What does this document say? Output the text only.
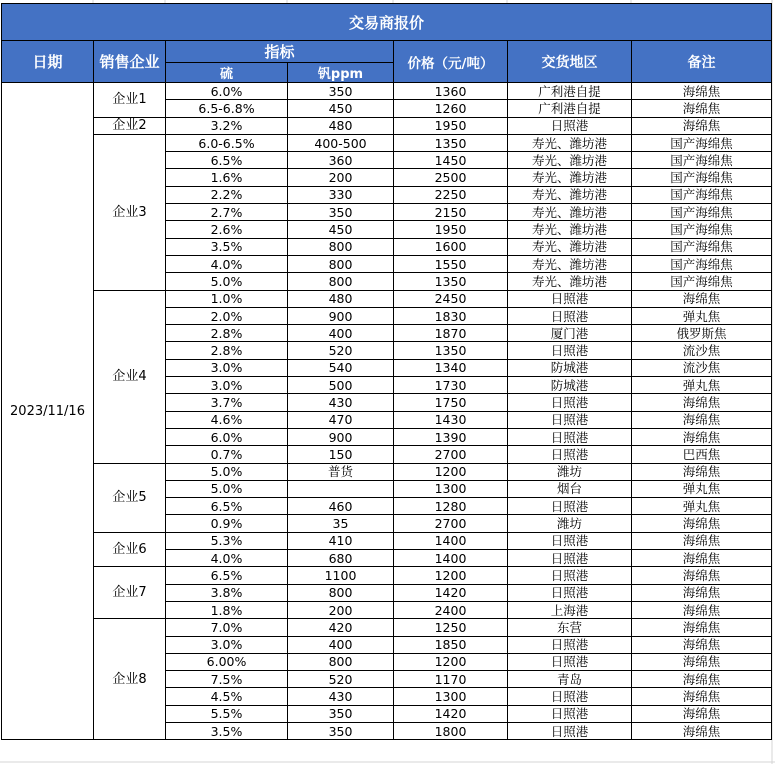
交易商报价						
日期	销售企业	指标		价格（元/吨）	交货地区	备注
		硫	钒ppm			
2023/11/16	企业1	6.0%	350	1360	广利港自提	海绵焦
		6.5-6.8%	450	1260	广利港自提	海绵焦
	企业2	3.2%	480	1950	日照港	海绵焦
	企业3	6.0-6.5%	400-500	1350	寿光、潍坊港	国产海绵焦
		6.5%	360	1450	寿光、潍坊港	国产海绵焦
		1.6%	200	2500	寿光、潍坊港	国产海绵焦
		2.2%	330	2250	寿光、潍坊港	国产海绵焦
		2.7%	350	2150	寿光、潍坊港	国产海绵焦
		2.6%	450	1950	寿光、潍坊港	国产海绵焦
		3.5%	800	1600	寿光、潍坊港	国产海绵焦
		4.0%	800	1550	寿光、潍坊港	国产海绵焦
		5.0%	800	1350	寿光、潍坊港	国产海绵焦
	企业4	1.0%	480	2450	日照港	海绵焦
		2.0%	900	1830	日照港	弹丸焦
		2.8%	400	1870	厦门港	俄罗斯焦
		2.8%	520	1350	日照港	流沙焦
		3.0%	540	1340	防城港	流沙焦
		3.0%	500	1730	防城港	弹丸焦
		3.7%	430	1750	日照港	海绵焦
		4.6%	470	1430	日照港	海绵焦
		6.0%	900	1390	日照港	海绵焦
		0.7%	150	2700	日照港	巴西焦
	企业5	5.0%	普货	1200	潍坊	海绵焦
		5.0%		1300	烟台	弹丸焦
		6.5%	460	1280	日照港	弹丸焦
		0.9%	35	2700	潍坊	海绵焦
	企业6	5.3%	410	1400	日照港	海绵焦
		4.0%	680	1400	日照港	海绵焦
	企业7	6.5%	1100	1200	日照港	海绵焦
		3.8%	800	1420	日照港	海绵焦
		1.8%	200	2400	上海港	海绵焦
	企业8	7.0%	420	1250	东营	海绵焦
		3.0%	400	1850	日照港	海绵焦
		6.00%	800	1200	日照港	海绵焦
		7.5%	520	1170	青岛	海绵焦
		4.5%	430	1300	日照港	海绵焦
		5.5%	350	1420	日照港	海绵焦
		3.5%	350	1800	日照港	海绵焦
